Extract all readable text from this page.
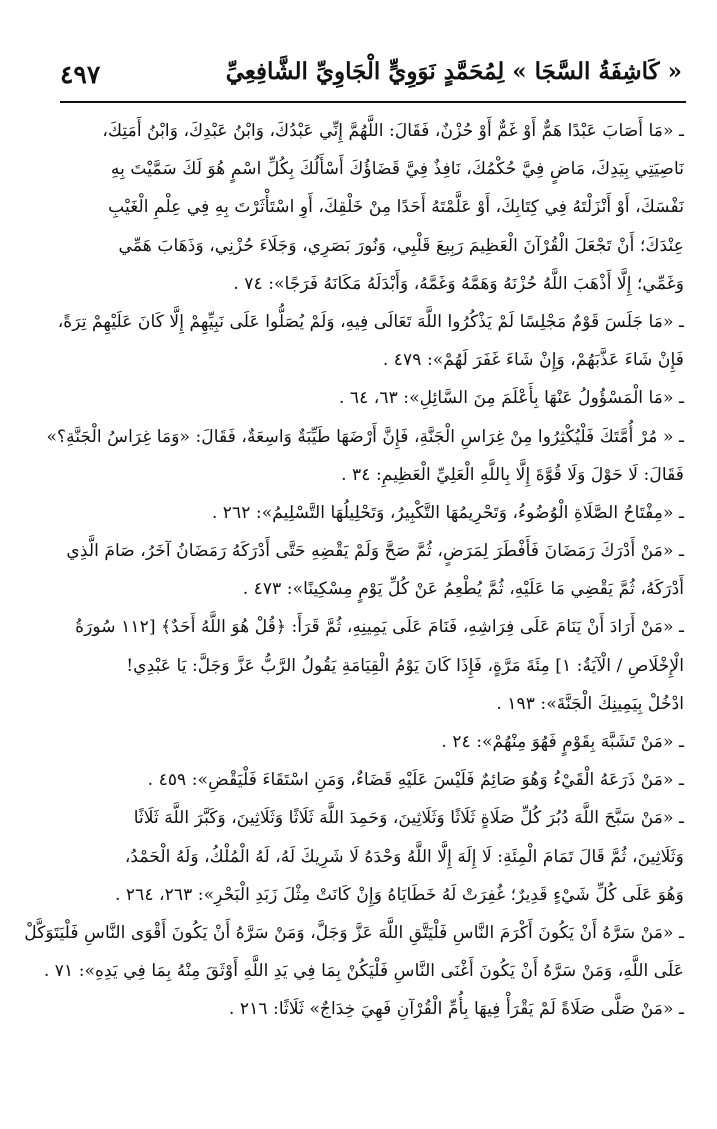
٤٩٧	« كَاشِفَةُ السَّجَا » لِمُحَمَّدٍ نَوَوِيٍّ الْجَاوِيِّ الشَّافِعِيِّ
ـ «مَا أَصَابَ عَبْدًا هَمٌّ أَوْ غَمٌّ أَوْ حُزْنٌ، فَقَالَ: اللَّهُمَّ إِنِّي عَبْدُكَ، وَابْنُ عَبْدِكَ، وَابْنُ أَمَتِكَ،
نَاصِيَتِي بِيَدِكَ، مَاضٍ فِيَّ حُكْمُكَ، نَافِذٌ فِيَّ قَضَاؤُكَ أَسْأَلُكَ بِكُلِّ اسْمٍ هُوَ لَكَ سَمَّيْتَ بِهِ
نَفْسَكَ، أَوْ أَنْزَلْتَهُ فِي كِتَابِكَ، أَوْ عَلَّمْتَهُ أَحَدًا مِنْ خَلْقِكَ، أَوِ اسْتَأْثَرْتَ بِهِ فِي عِلْمِ الْغَيْبِ
عِنْدَكَ؛ أَنْ تَجْعَلَ الْقُرْآنَ الْعَظِيمَ رَبِيعَ قَلْبِي، وَنُورَ بَصَرِي، وَجَلَاءَ حُزْنِي، وَذَهَابَ هَمِّي
وَغَمِّي؛ إِلَّا أَذْهَبَ اللَّهُ حُزْنَهُ وَهَمَّهُ وَغَمَّهُ، وَأَبْدَلَهُ مَكَانَهُ فَرَجًا»: ٧٤ .
ـ «مَا جَلَسَ قَوْمٌ مَجْلِسًا لَمْ يَذْكُرُوا اللَّهَ تَعَالَى فِيهِ، وَلَمْ يُصَلُّوا عَلَى نَبِيِّهِمْ إِلَّا كَانَ عَلَيْهِمْ تِرَةً،
فَإِنْ شَاءَ عَذَّبَهُمْ، وَإِنْ شَاءَ غَفَرَ لَهُمْ»: ٤٧٩ .
ـ «مَا الْمَسْؤُولُ عَنْهَا بِأَعْلَمَ مِنَ السَّائِلِ»: ٦٣، ٦٤ .
ـ « مُرْ أُمَّتَكَ فَلْيُكْثِرُوا مِنْ غِرَاسِ الْجَنَّةِ، فَإِنَّ أَرْضَهَا طَيِّبَةٌ وَاسِعَةٌ، فَقَالَ: «وَمَا غِرَاسُ الْجَنَّةِ؟»
فَقَالَ: لَا حَوْلَ وَلَا قُوَّةَ إِلَّا بِاللَّهِ الْعَلِيِّ الْعَظِيمِ: ٣٤ .
ـ «مِفْتَاحُ الصَّلَاةِ الْوُضُوءُ، وَتَحْرِيمُهَا التَّكْبِيرُ، وَتَحْلِيلُهَا التَّسْلِيمُ»: ٢٦٢ .
ـ «مَنْ أَدْرَكَ رَمَضَانَ فَأَفْطَرَ لِمَرَضٍ، ثُمَّ صَحَّ وَلَمْ يَقْضِهِ حَتَّى أَدْرَكَهُ رَمَضَانُ آخَرُ، صَامَ الَّذِي
أَدْرَكَهُ، ثُمَّ يَقْضِي مَا عَلَيْهِ، ثُمَّ يُطْعِمُ عَنْ كُلِّ يَوْمٍ مِسْكِينًا»: ٤٧٣ .
ـ «مَنْ أَرَادَ أَنْ يَنَامَ عَلَى فِرَاشِهِ، فَنَامَ عَلَى يَمِينِهِ، ثُمَّ قَرَأَ: ﴿قُلْ هُوَ اللَّهُ أَحَدٌ﴾ [١١٢ سُورَةُ
الْإِخْلَاصِ / الْآيَةُ: ١] مِئَةَ مَرَّةٍ، فَإِذَا كَانَ يَوْمُ الْقِيَامَةِ يَقُولُ الرَّبُّ عَزَّ وَجَلَّ: يَا عَبْدِي!
ادْخُلْ بِيَمِينِكَ الْجَنَّةَ»: ١٩٣ .
ـ «مَنْ تَشَبَّهَ بِقَوْمٍ فَهُوَ مِنْهُمْ»: ٢٤ .
ـ «مَنْ ذَرَعَهُ الْقَيْءُ وَهُوَ صَائِمٌ فَلَيْسَ عَلَيْهِ قَضَاءٌ، وَمَنِ اسْتَقَاءَ فَلْيَقْضِ»: ٤٥٩ .
ـ «مَنْ سَبَّحَ اللَّهَ دُبُرَ كُلِّ صَلَاةٍ ثَلَاثًا وَثَلَاثِينَ، وَحَمِدَ اللَّهَ ثَلَاثًا وَثَلَاثِينَ، وَكَبَّرَ اللَّهَ ثَلَاثًا
وَثَلَاثِينَ، ثُمَّ قَالَ تَمَامَ الْمِئَةِ: لَا إِلَهَ إِلَّا اللَّهُ وَحْدَهُ لَا شَرِيكَ لَهُ، لَهُ الْمُلْكُ، وَلَهُ الْحَمْدُ،
وَهُوَ عَلَى كُلِّ شَيْءٍ قَدِيرٌ؛ غُفِرَتْ لَهُ خَطَايَاهُ وَإِنْ كَانَتْ مِثْلَ زَبَدِ الْبَحْرِ»: ٢٦٣، ٢٦٤ .
ـ «مَنْ سَرَّهُ أَنْ يَكُونَ أَكْرَمَ النَّاسِ فَلْيَتَّقِ اللَّهَ عَزَّ وَجَلَّ، وَمَنْ سَرَّهُ أَنْ يَكُونَ أَقْوَى النَّاسِ فَلْيَتَوَكَّلْ
عَلَى اللَّهِ، وَمَنْ سَرَّهُ أَنْ يَكُونَ أَغْنَى النَّاسِ فَلْيَكُنْ بِمَا فِي يَدِ اللَّهِ أَوْثَقَ مِنْهُ بِمَا فِي يَدِهِ»: ٧١ .
ـ «مَنْ صَلَّى صَلَاةً لَمْ يَقْرَأْ فِيهَا بِأُمِّ الْقُرْآنِ فَهِيَ خِدَاجٌ» ثَلَاثًا: ٢١٦ .
